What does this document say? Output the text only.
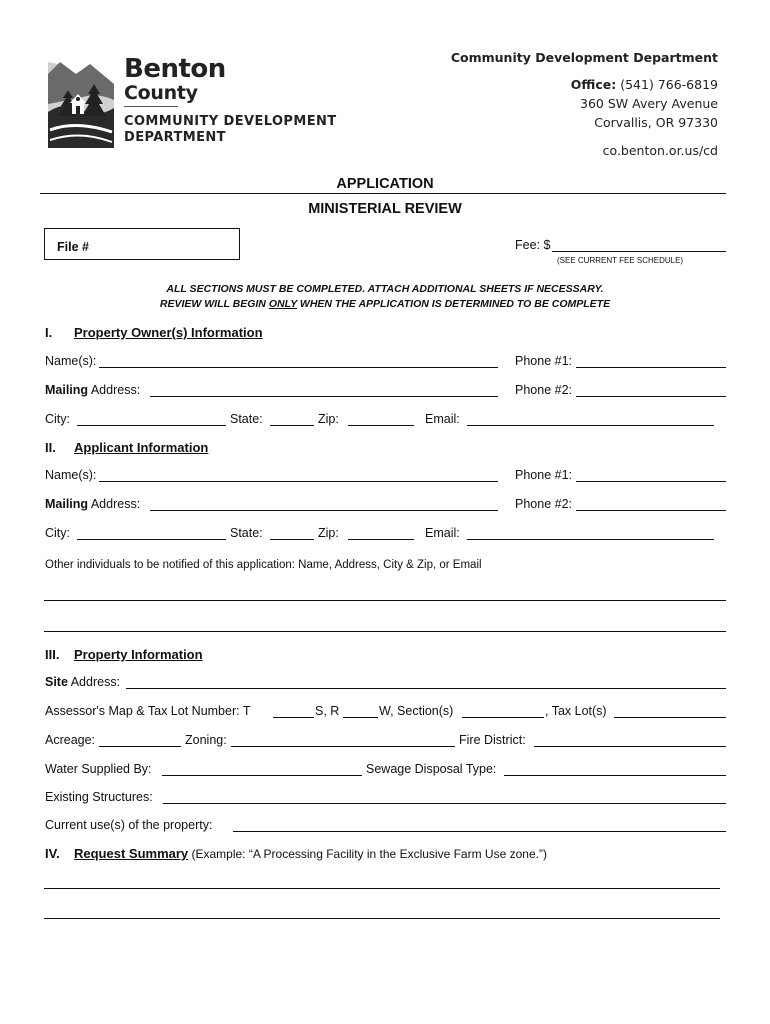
Benton
County
COMMUNITY DEVELOPMENT
DEPARTMENT
Community Development Department
Office: (541) 766-6819
360 SW Avery Avenue
Corvallis, OR 97330
co.benton.or.us/cd
APPLICATION
MINISTERIAL REVIEW
File #	Fee: $
(SEE CURRENT FEE SCHEDULE)
ALL SECTIONS MUST BE COMPLETED. ATTACH ADDITIONAL SHEETS IF NECESSARY.
REVIEW WILL BEGIN ONLY WHEN THE APPLICATION IS DETERMINED TO BE COMPLETE
I. Property Owner(s) Information
Name(s):	Phone #1:
Mailing Address:	Phone #2:
City:	State:	Zip:	Email:
II. Applicant Information
Name(s):	Phone #1:
Mailing Address:	Phone #2:
City:	State:	Zip:	Email:
Other individuals to be notified of this application: Name, Address, City & Zip, or Email
III. Property Information
Site Address:
Assessor's Map & Tax Lot Number: T	S, R	W, Section(s)	, Tax Lot(s)
Acreage:	Zoning:	Fire District:
Water Supplied By:	Sewage Disposal Type:
Existing Structures:
Current use(s) of the property:
IV. Request Summary (Example: “A Processing Facility in the Exclusive Farm Use zone.”)
